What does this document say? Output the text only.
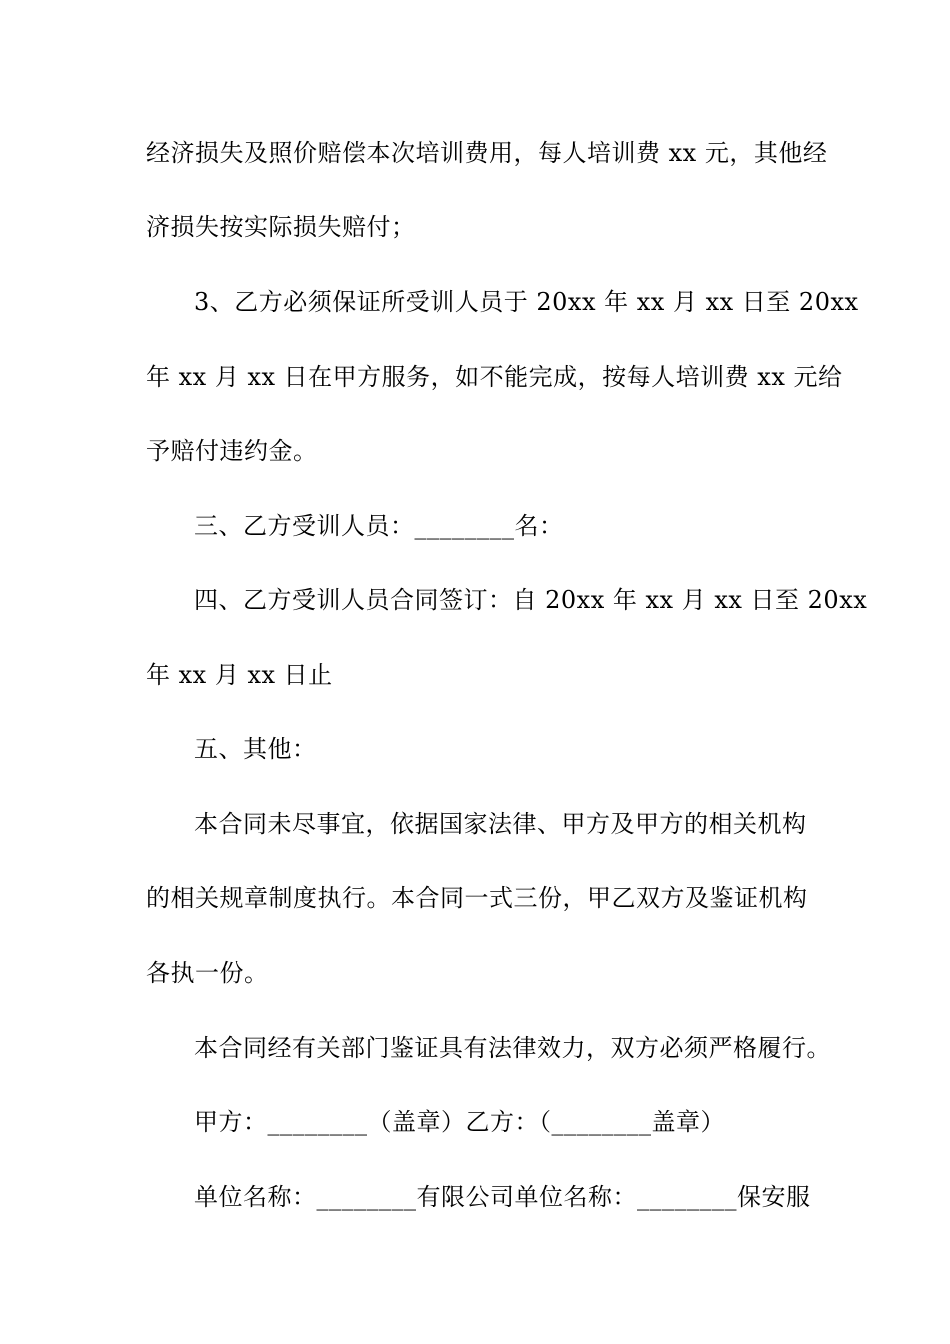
经济损失及照价赔偿本次培训费用，每人培训费 xx 元，其他经
济损失按实际损失赔付；
3、乙方必须保证所受训人员于 20xx 年 xx 月 xx 日至 20xx
年 xx 月 xx 日在甲方服务，如不能完成，按每人培训费 xx 元给
予赔付违约金。
三、乙方受训人员：________名：
四、乙方受训人员合同签订：自 20xx 年 xx 月 xx 日至 20xx
年 xx 月 xx 日止
五、其他：
本合同未尽事宜，依据国家法律、甲方及甲方的相关机构
的相关规章制度执行。本合同一式三份，甲乙双方及鉴证机构
各执一份。
本合同经有关部门鉴证具有法律效力，双方必须严格履行。
甲方：________（盖章）乙方：（________盖章）
单位名称：________有限公司单位名称：________保安服
